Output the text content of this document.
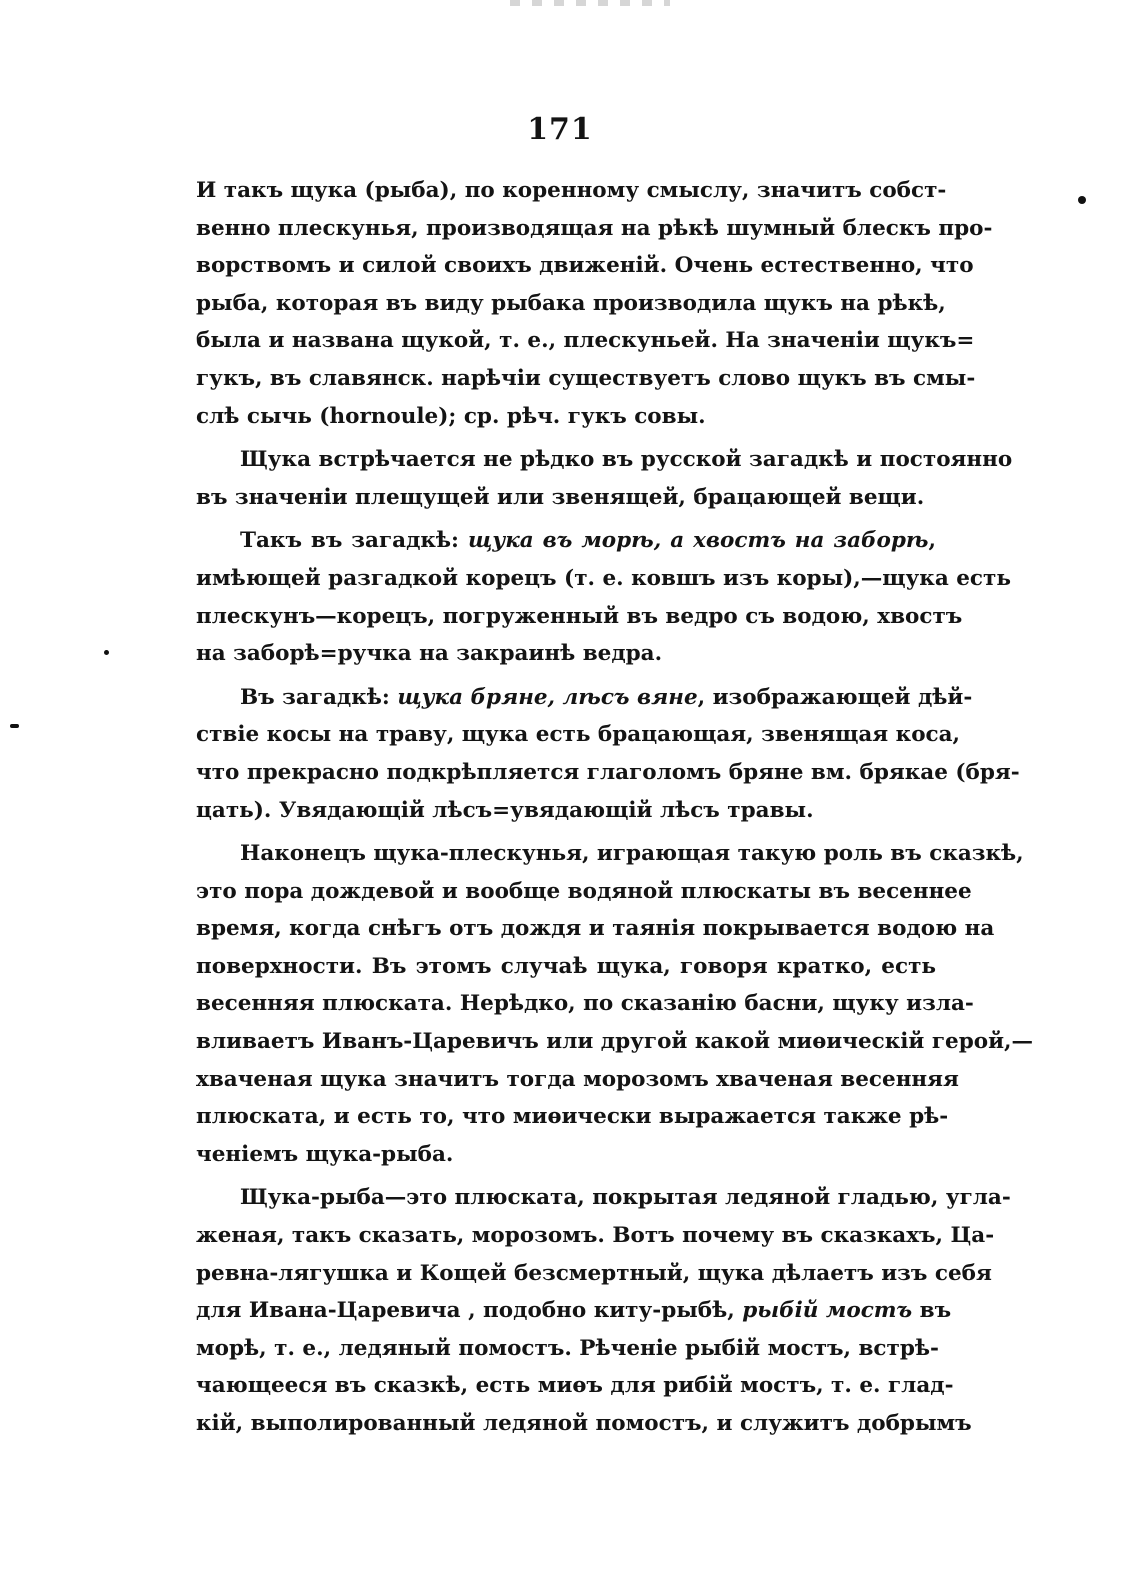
171
И такъ щука (рыба), по коренному смыслу, значитъ собст-
венно плескунья, производящая на рѣкѣ шумный блескъ про-
ворствомъ и силой своихъ движеній. Очень естественно, что
рыба, которая въ виду рыбака производила щукъ на рѣкѣ,
была и названа щукой, т. е., плескуньей. На значеніи щукъ=
гукъ, въ славянск. нарѣчіи существуетъ слово щукъ въ смы-
слѣ сычь (hornoule); ср. рѣч. гукъ совы.
Щука встрѣчается не рѣдко въ русской загадкѣ и постоянно
въ значеніи плещущей или звенящей, брацающей вещи.
Такъ въ загадкѣ: щука въ морѣ, а хвостъ на заборѣ,
имѣющей разгадкой корецъ (т. е. ковшъ изъ коры),—щука есть
плескунъ—корецъ, погруженный въ ведро съ водою, хвостъ
на заборѣ=ручка на закраинѣ ведра.
Въ загадкѣ: щука бряне, лѣсъ вяне, изображающей дѣй-
ствіе косы на траву, щука есть брацающая, звенящая коса,
что прекрасно подкрѣпляется глаголомъ бряне вм. брякае (бря-
цать). Увядающій лѣсъ=увядающій лѣсъ травы.
Наконецъ щука-плескунья, играющая такую роль въ сказкѣ,
это пора дождевой и вообще водяной плюскаты въ весеннее
время, когда снѣгъ отъ дождя и таянія покрывается водою на
поверхности. Въ этомъ случаѣ щука, говоря кратко, есть
весенняя плюската. Нерѣдко, по сказанію басни, щуку изла-
вливаетъ Иванъ-Царевичъ или другой какой миѳическій герой,—
хваченая щука значитъ тогда морозомъ хваченая весенняя
плюската, и есть то, что миѳически выражается также рѣ-
ченіемъ щука-рыба.
Щука-рыба—это плюската, покрытая ледяной гладью, угла-
женая, такъ сказать, морозомъ. Вотъ почему въ сказкахъ, Ца-
ревна-лягушка и Кощей безсмертный, щука дѣлаетъ изъ себя
для Ивана-Царевича , подобно киту-рыбѣ, рыбій мостъ въ
морѣ, т. е., ледяный помостъ. Рѣченіе рыбій мостъ, встрѣ-
чающееся въ сказкѣ, есть миѳъ для рибій мостъ, т. е. глад-
кій, выполированный ледяной помостъ, и служитъ добрымъ
